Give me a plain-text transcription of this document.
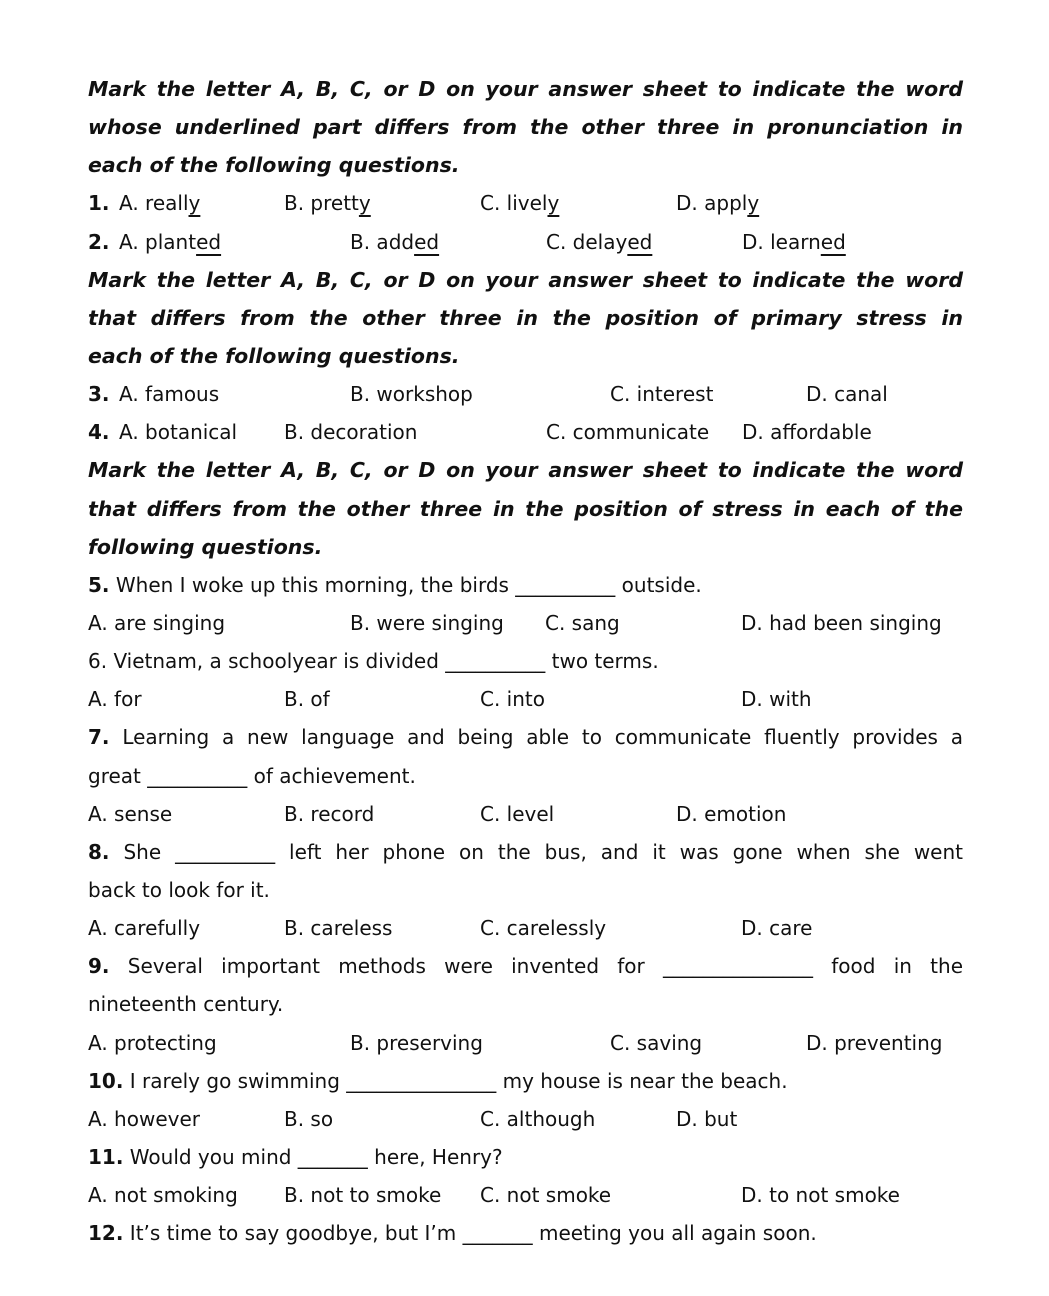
Mark the letter A, B, C, or D on your answer sheet to indicate the word
whose underlined part differs from the other three in pronunciation in
each of the following questions.
1. A. really	B. pretty	C. lively	D. apply
2. A. planted	B. added	C. delayed	D. learned
Mark the letter A, B, C, or D on your answer sheet to indicate the word
that differs from the other three in the position of primary stress in
each of the following questions.
3. A. famous	B. workshop	C. interest	D. canal
4. A. botanical B. decoration	C. communicate D. affordable
Mark the letter A, B, C, or D on your answer sheet to indicate the word
that differs from the other three in the position of stress in each of the
following questions.
5. When I woke up this morning, the birds __________ outside.
A. are singing	B. were singing C. sang	D. had been singing
6. Vietnam, a schoolyear is divided __________ two terms.
A. for	B. of	C. into	D. with
7. Learning a new language and being able to communicate fluently provides a
great __________ of achievement.
A. sense	B. record	C. level	D. emotion
8. She __________ left her phone on the bus, and it was gone when she went
back to look for it.
A. carefully	B. careless	C. carelessly	D. care
9. Several important methods were invented for _______________ food in the
nineteenth century.
A. protecting	B. preserving	C. saving	D. preventing
10. I rarely go swimming _______________ my house is near the beach.
A. however	B. so	C. although	D. but
11. Would you mind _______ here, Henry?
A. not smoking B. not to smoke C. not smoke	D. to not smoke
12. It’s time to say goodbye, but I’m _______ meeting you all again soon.
